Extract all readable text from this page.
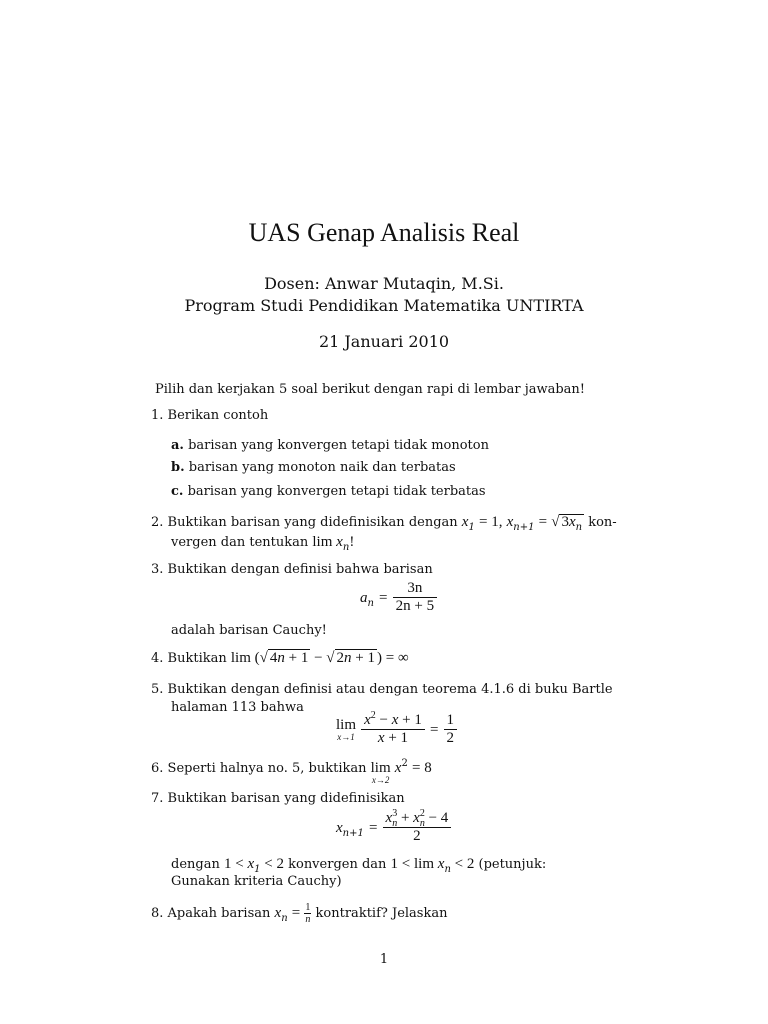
UAS Genap Analisis Real
Dosen: Anwar Mutaqin, M.Si.
Program Studi Pendidikan Matematika UNTIRTA
21 Januari 2010
Pilih dan kerjakan 5 soal berikut dengan rapi di lembar jawaban!
1. Berikan contoh
a. barisan yang konvergen tetapi tidak monoton
b. barisan yang monoton naik dan terbatas
c. barisan yang konvergen tetapi tidak terbatas
2. Buktikan barisan yang didefinisikan dengan $x_1 = 1$, $x_{n+1}$ = √ $3x_n$ kon-
vergen dan tentukan $\lim x_n$!
3. Buktikan dengan definisi bahwa barisan
$a_n = \frac{3n}{2n + 5}$
adalah barisan Cauchy!
4. Buktikan lim (√ 4n + 1 − √ 2n + 1 ) = ∞
5. Buktikan dengan definisi atau dengan teorema 4.1.6 di buku Bartle
halaman 113 bahwa
lim
x→1
$\frac{x^2 - x + 1}{x + 1} = \frac{1}{2}$
6. Seperti halnya no. 5, buktikan lim
x→2
$x^2 = 8$
7. Buktikan barisan yang didefinisikan
$x_{n+1} = \frac{x^3_n + x^2_n - 4}{2}$
dengan $1 < x_1 < 2$ konvergen dan $1 < \lim x_n < 2$ (petunjuk:
Gunakan kriteria Cauchy)
8. Apakah barisan $x_n = \frac{1}{n}$ kontraktif? Jelaskan
1
